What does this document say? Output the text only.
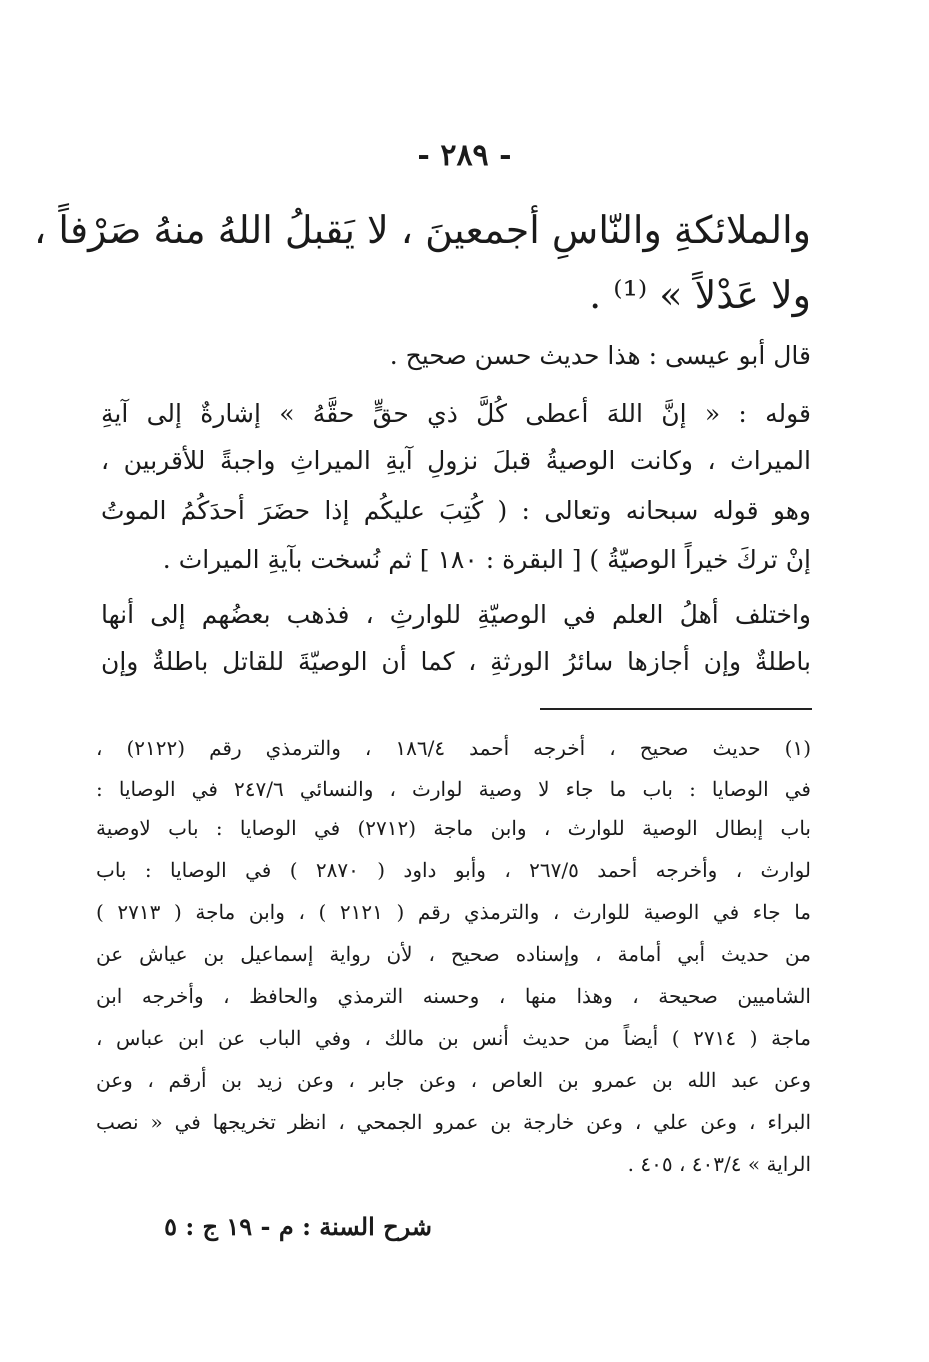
- ٢٨٩ -
والملائكةِ والنّاسِ أجمعينَ ، لا يَقبلُ اللهُ منهُ صَرْفاً ،
ولا عَدْلاً » ⁽¹⁾ .
قال أبو عيسى : هذا حديث حسن صحيح .
قوله : « إنَّ اللهَ أعطى كُلَّ ذي حقٍّ حقَّهُ » إشارةٌ إلى آيةِ
الميراث ، وكانت الوصيةُ قبلَ نزولِ آيةِ الميراثِ واجبةً للأقربين ،
وهو قوله سبحانه وتعالى : ( كُتِبَ عليكُم إذا حضَرَ أحدَكُمُ الموتُ
إنْ تركَ خيراً الوصيّةُ ) [ البقرة : ١٨٠ ] ثم نُسخت بآيةِ الميراث .
واختلف أهلُ العلم في الوصيّةِ للوارثِ ، فذهب بعضُهم إلى أنها
باطلةٌ وإن أجازها سائرُ الورثةِ ، كما أن الوصيّةَ للقاتل باطلةٌ وإن
(١) حديث صحيح ، أخرجه أحمد ١٨٦/٤ ، والترمذي رقم (٢١٢٢) ،
في الوصايا : باب ما جاء لا وصية لوارث ، والنسائي ٢٤٧/٦ في الوصايا :
باب إبطال الوصية للوارث ، وابن ماجة (٢٧١٢) في الوصايا : باب لاوصية
لوارث ، وأخرجه أحمد ٢٦٧/٥ ، وأبو داود ( ٢٨٧٠ ) في الوصايا : باب
ما جاء في الوصية للوارث ، والترمذي رقم ( ٢١٢١ ) ، وابن ماجة ( ٢٧١٣ )
من حديث أبي أمامة ، وإسناده صحيح ، لأن رواية إسماعيل بن عياش عن
الشاميين صحيحة ، وهذا منها ، وحسنه الترمذي والحافظ ، وأخرجه ابن
ماجة ( ٢٧١٤ ) أيضاً من حديث أنس بن مالك ، وفي الباب عن ابن عباس ،
وعن عبد الله بن عمرو بن العاص ، وعن جابر ، وعن زيد بن أرقم ، وعن
البراء ، وعن علي ، وعن خارجة بن عمرو الجمحي ، انظر تخريجها في « نصب
الراية » ٤٠٣/٤ ، ٤٠٥ .
شرح السنة : م - ١٩ ج : ٥
